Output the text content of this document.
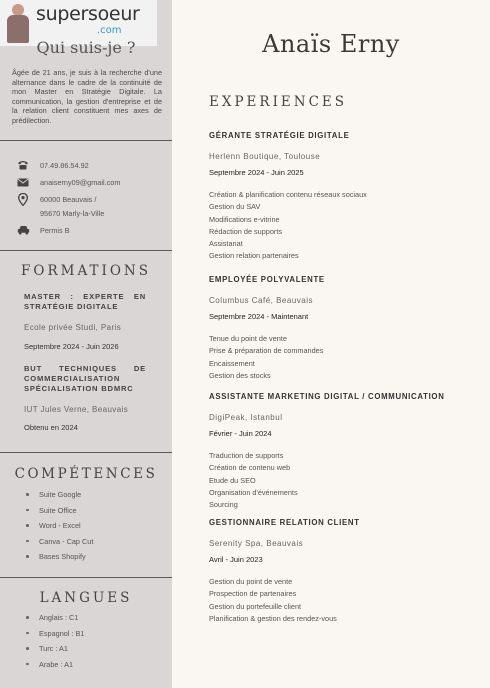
supersoeur
.com
Qui suis-je ?

Âgée de 21 ans, je suis à la recherche d'une alternance dans le cadre de la continuité de mon Master en Stratégie Digitale. La communication, la gestion d'entreprise et de la relation client constituent mes axes de prédilection.

07.49.86.54.92
anaiserny09@gmail.com
60000 Beauvais /
95670 Marly-la-Ville
Permis B
FORMATIONS
MASTER : EXPERTE EN STRATÉGIE DIGITALE
Ecole privée Studi, Paris
Septembre 2024 - Juin 2026
BUT TECHNIQUES DE COMMERCIALISATION SPÉCIALISATION BDMRC
IUT Jules Verne, Beauvais
Obtenu en 2024
COMPÉTENCES
Suite Google
Suite Office
Word - Excel
Canva - Cap Cut
Bases Shopify
LANGUES
Anglais : C1
Espagnol : B1
Turc : A1
Arabe : A1
Anaïs Erny
EXPERIENCES
GÉRANTE STRATÉGIE DIGITALE
Herlenn Boutique, Toulouse
Septembre 2024 - Juin 2025
Création & planification contenu réseaux sociaux
Gestion du SAV
Modifications e-vitrine
Rédaction de supports
Assistanat
Gestion relation partenaires
EMPLOYÉE POLYVALENTE
Columbus Café, Beauvais
Septembre 2024 - Maintenant
Tenue du point de vente
Prise & préparation de commandes
Encaissement
Gestion des stocks
ASSISTANTE MARKETING DIGITAL / COMMUNICATION
DigiPeak, Istanbul
Février - Juin 2024
Traduction de supports
Création de contenu web
Etude du SEO
Organisation d'événements
Sourcing
GESTIONNAIRE RELATION CLIENT
Serenity Spa, Beauvais
Avril - Juin 2023
Gestion du point de vente
Prospection de partenaires
Gestion du portefeuille client
Planification & gestion des rendez-vous
